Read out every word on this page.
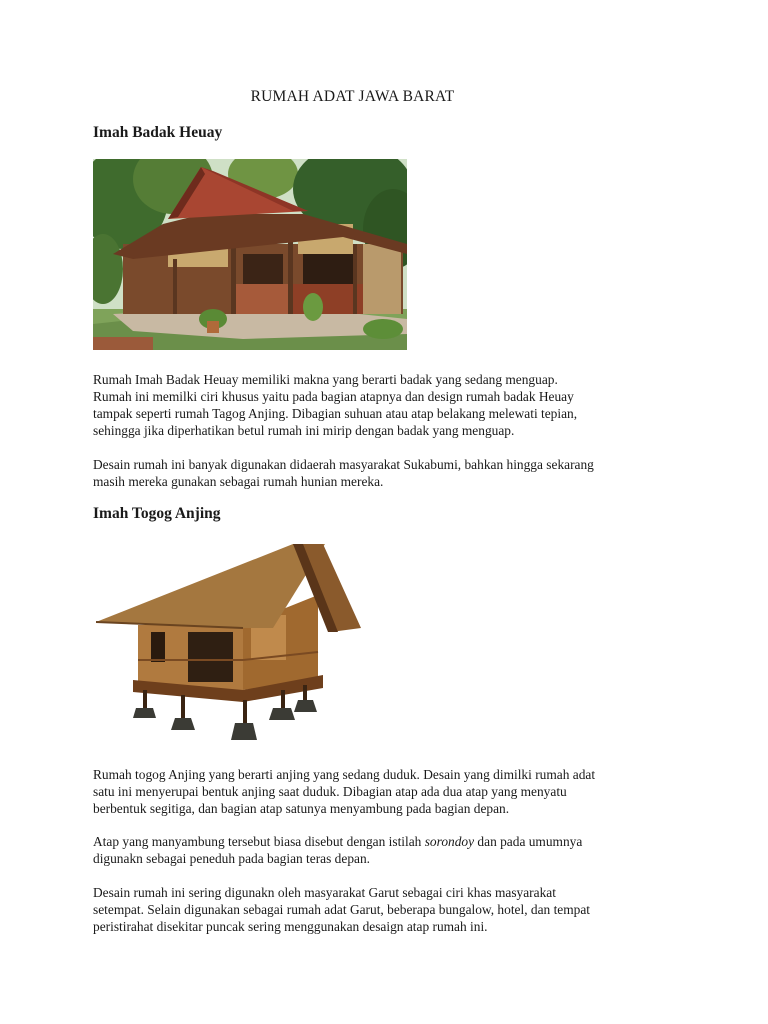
RUMAH ADAT JAWA BARAT
Imah Badak Heuay

Rumah Imah Badak Heuay memiliki makna yang berarti badak yang sedang menguap.
Rumah ini memilki ciri khusus yaitu pada bagian atapnya dan design rumah badak Heuay
tampak seperti rumah Tagog Anjing. Dibagian suhuan atau atap belakang melewati tepian,
sehingga jika diperhatikan betul rumah ini mirip dengan badak yang menguap.

Desain rumah ini banyak digunakan didaerah masyarakat Sukabumi, bahkan hingga sekarang
masih mereka gunakan sebagai rumah hunian mereka.

Imah Togog Anjing

Rumah togog Anjing yang berarti anjing yang sedang duduk. Desain yang dimilki rumah adat
satu ini menyerupai bentuk anjing saat duduk. Dibagian atap ada dua atap yang menyatu
berbentuk segitiga, dan bagian atap satunya menyambung pada bagian depan.

Atap yang manyambung tersebut biasa disebut dengan istilah sorondoy dan pada umumnya
digunakn sebagai peneduh pada bagian teras depan.

Desain rumah ini sering digunakn oleh masyarakat Garut sebagai ciri khas masyarakat
setempat. Selain digunakan sebagai rumah adat Garut, beberapa bungalow, hotel, dan tempat
peristirahat disekitar puncak sering menggunakan desaign atap rumah ini.
